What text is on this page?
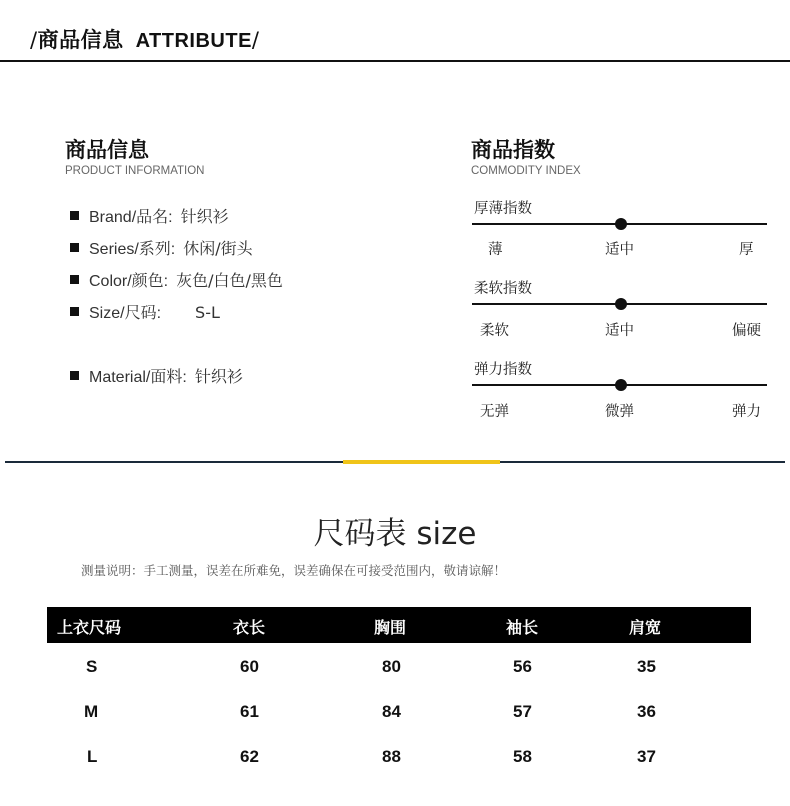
/商品信息 ATTRIBUTE/
商品信息
PRODUCT INFORMATION
Brand/品名: 针织衫
Series/系列: 休闲/街头
Color/颜色: 灰色/白色/黑色
Size/尺码: S-L
Material/面料: 针织衫
商品指数
COMMODITY INDEX
厚薄指数
薄	适中	厚
柔软指数
柔软	适中	偏硬
弹力指数
无弹	微弹	弹力
尺码表 size
测量说明：手工测量，误差在所难免，误差确保在可接受范围内，敬请谅解！
上衣尺码	衣长	胸围	袖长	肩宽
S	60	80	56	35
M	61	84	57	36
L	62	88	58	37
